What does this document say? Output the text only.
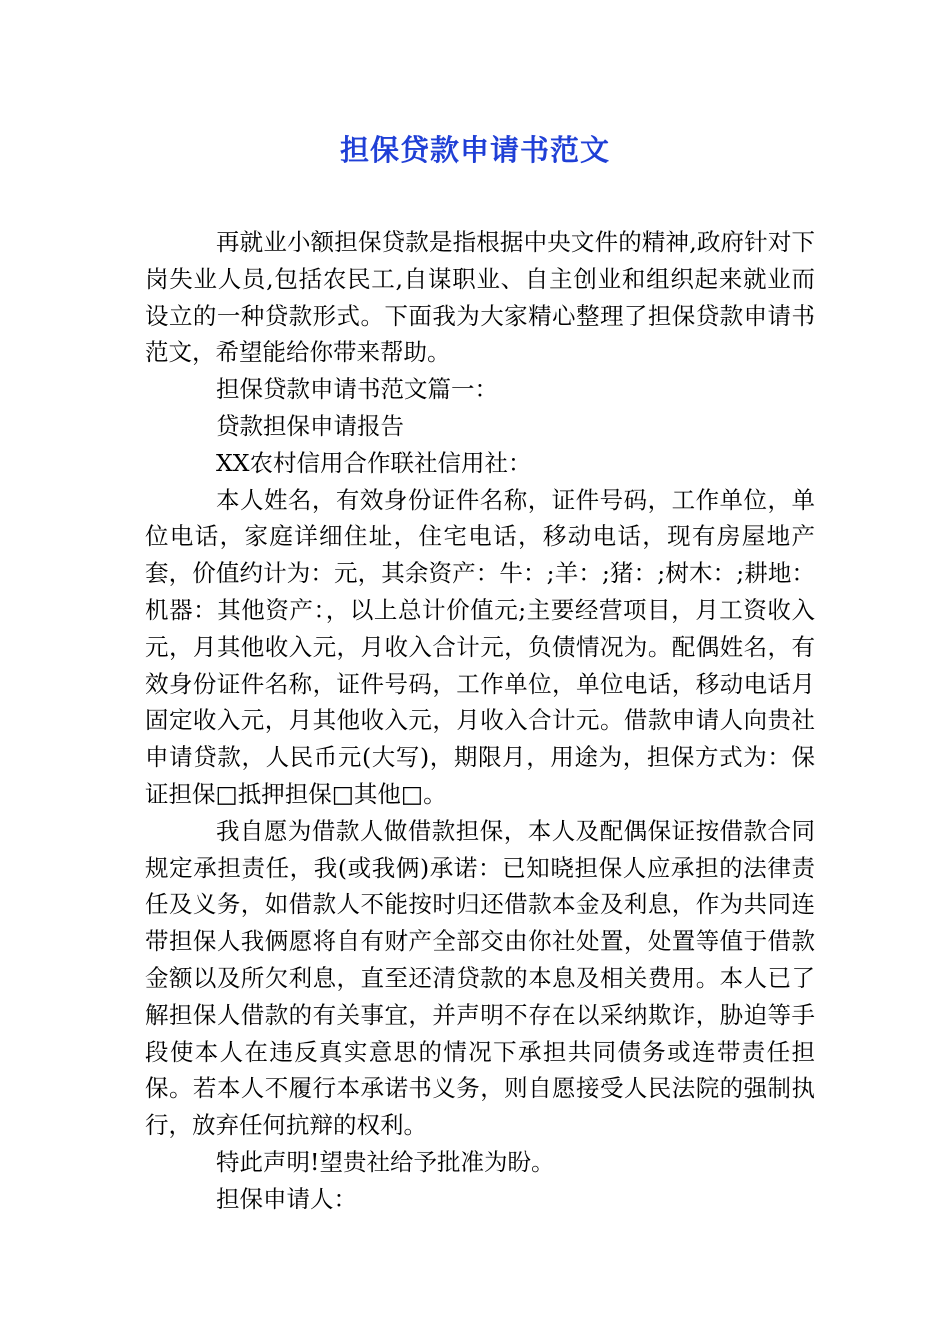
担保贷款申请书范文

再就业小额担保贷款是指根据中央文件的精神,政府针对下岗失业人员,包括农民工,自谋职业、自主创业和组织起来就业而设立的一种贷款形式。下面我为大家精心整理了担保贷款申请书范文，希望能给你带来帮助。

担保贷款申请书范文篇一：

贷款担保申请报告

XX农村信用合作联社信用社：

本人姓名，有效身份证件名称，证件号码，工作单位，单位电话，家庭详细住址，住宅电话，移动电话，现有房屋地产套，价值约计为：元，其余资产：牛：;羊：;猪：;树木：;耕地：机器：其他资产：，以上总计价值元;主要经营项目，月工资收入元，月其他收入元，月收入合计元，负债情况为。配偶姓名，有效身份证件名称，证件号码，工作单位，单位电话，移动电话月固定收入元，月其他收入元，月收入合计元。借款申请人向贵社申请贷款，人民币元(大写)，期限月，用途为，担保方式为：保证担保□抵押担保□其他□。

我自愿为借款人做借款担保，本人及配偶保证按借款合同规定承担责任，我(或我俩)承诺：已知晓担保人应承担的法律责任及义务，如借款人不能按时归还借款本金及利息，作为共同连带担保人我俩愿将自有财产全部交由你社处置，处置等值于借款金额以及所欠利息，直至还清贷款的本息及相关费用。本人已了解担保人借款的有关事宜，并声明不存在以采纳欺诈，胁迫等手段使本人在违反真实意思的情况下承担共同债务或连带责任担保。若本人不履行本承诺书义务，则自愿接受人民法院的强制执行，放弃任何抗辩的权利。

特此声明!望贵社给予批准为盼。

担保申请人：
